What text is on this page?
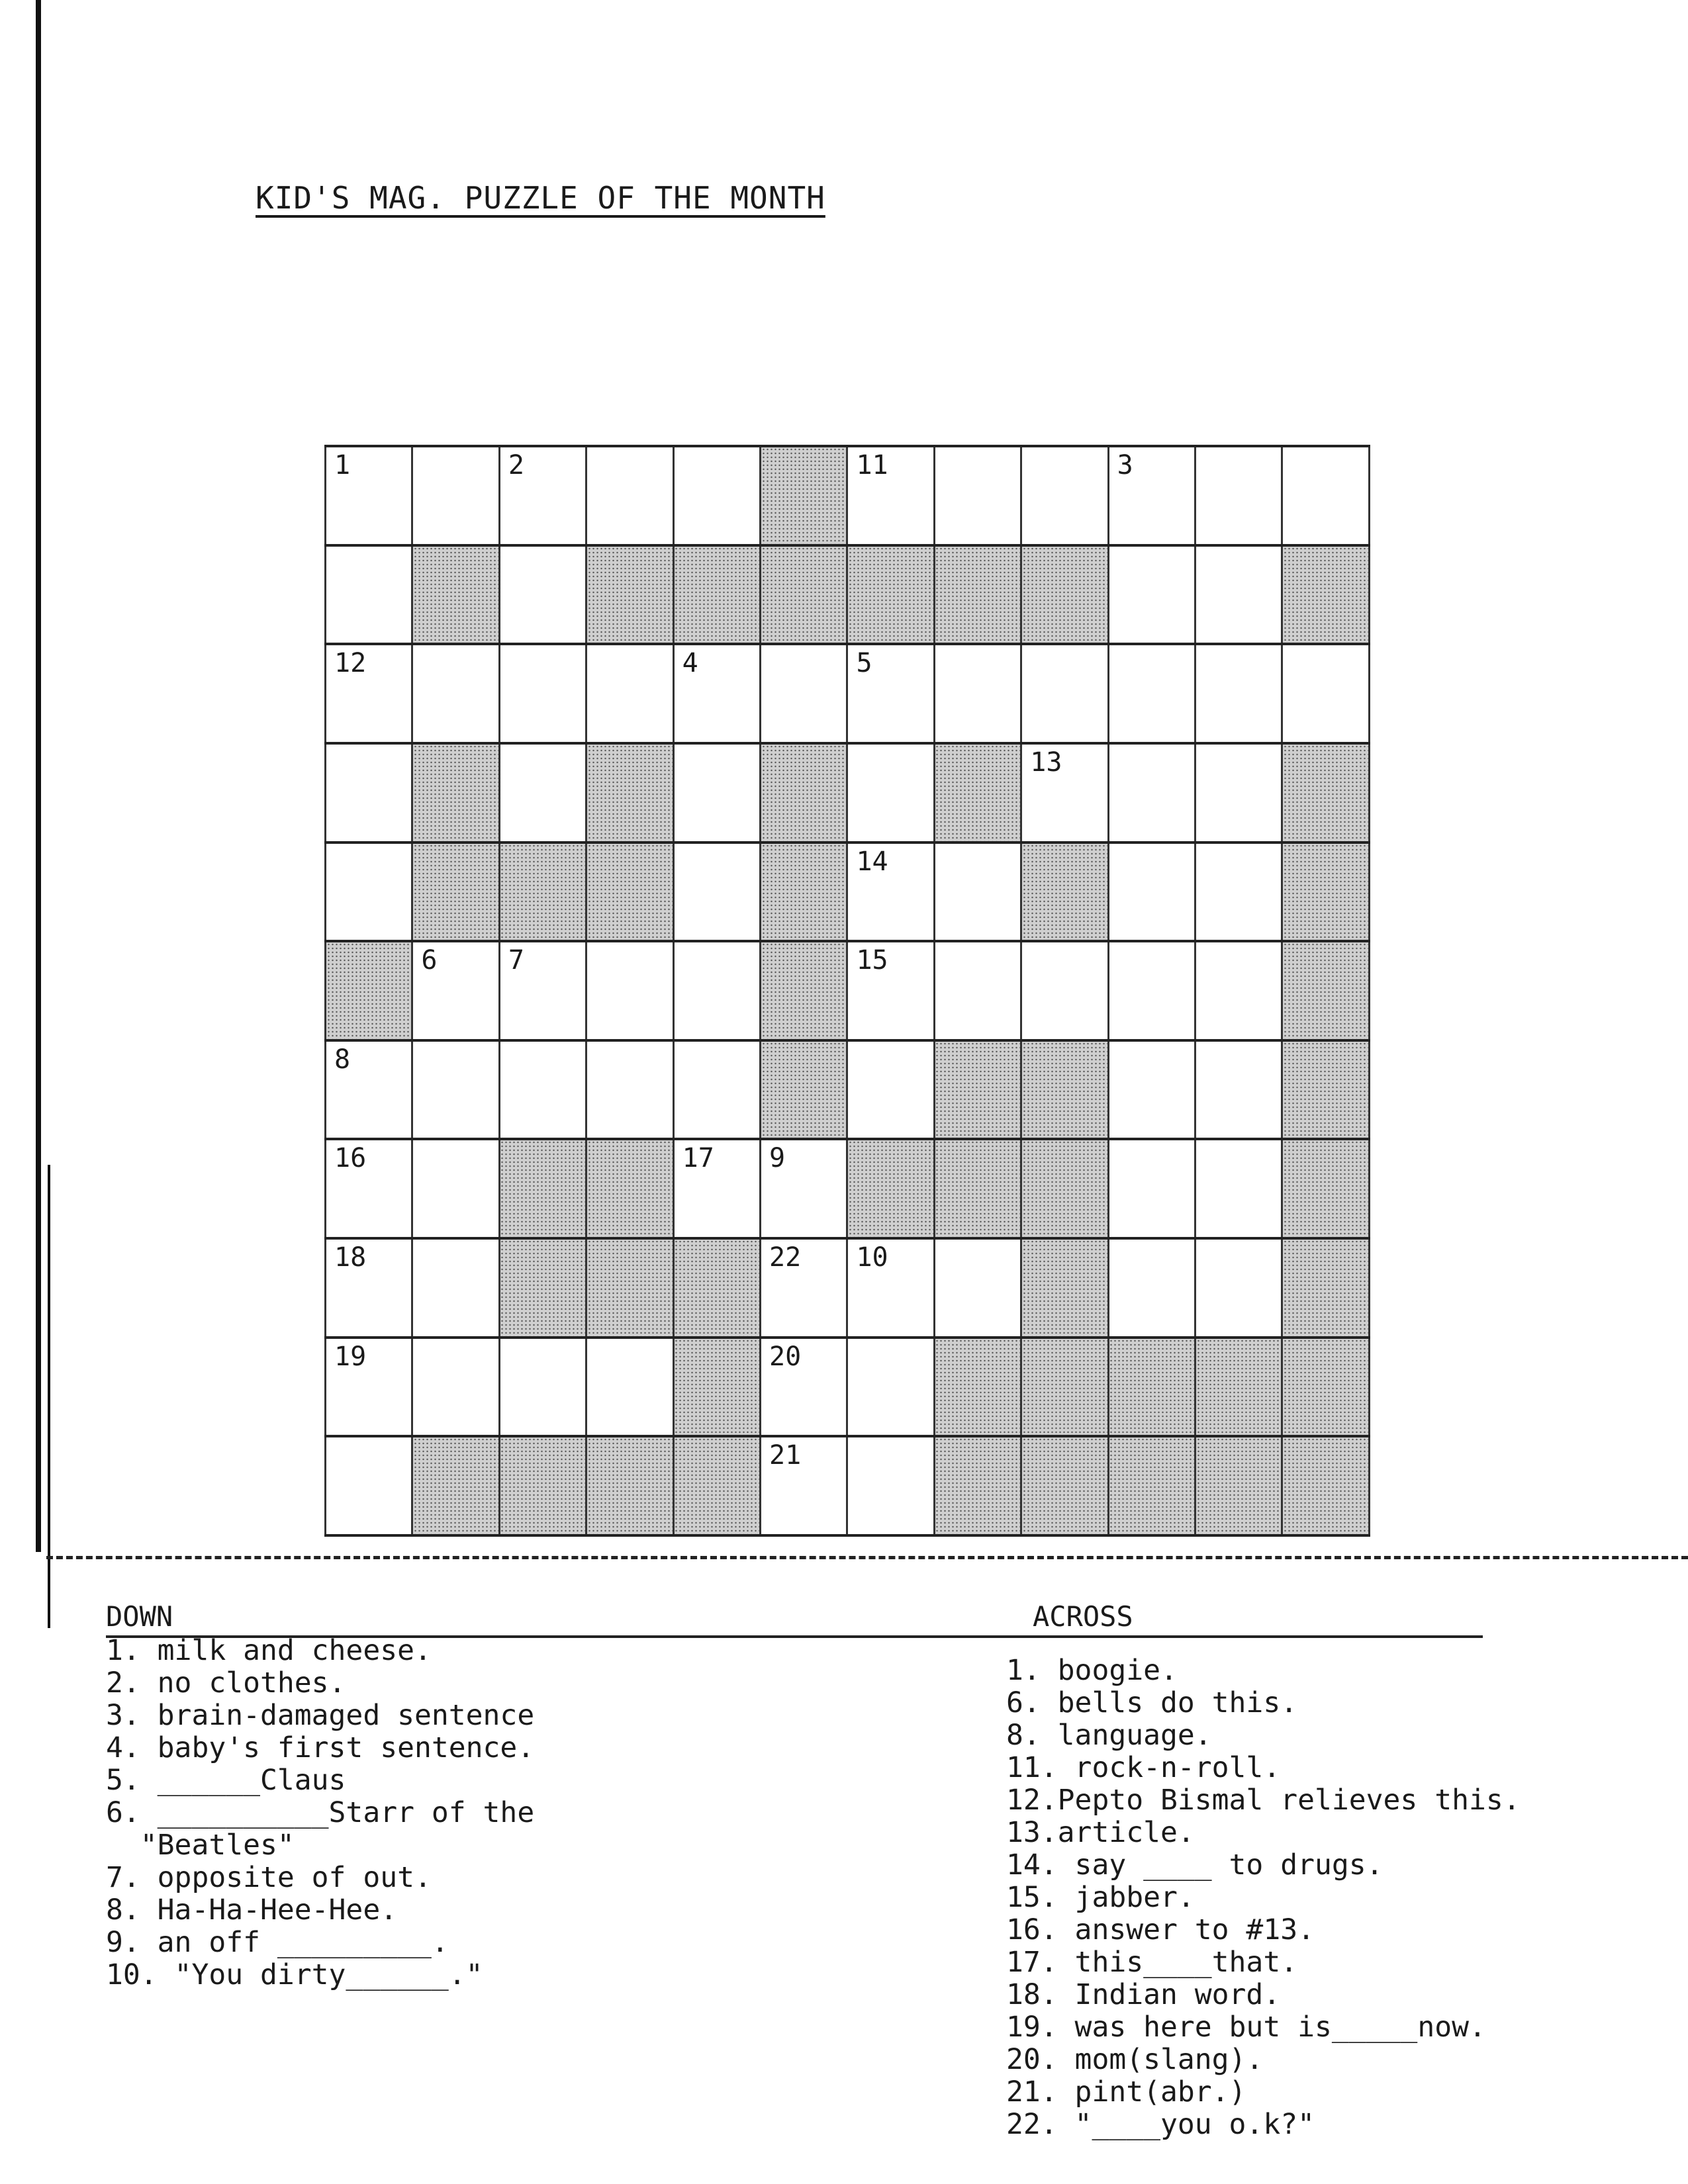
KID'S MAG. PUZZLE OF THE MONTH
1		2				11			3		

12				4		5					

								13			

						14					

	6	7				15					

8											

16				17	9						

18					22	10					

19					20						

					21						

DOWN
1. milk and cheese.
2. no clothes.
3. brain-damaged sentence
4. baby's first sentence.
5. ______Claus
6. __________Starr of the
"Beatles"
7. opposite of out.
8. Ha-Ha-Hee-Hee.
9. an off _________.
10. "You dirty______."
ACROSS
1. boogie.
6. bells do this.
8. language.
11. rock-n-roll.
12.Pepto Bismal relieves this.
13.article.
14. say ____ to drugs.
15. jabber.
16. answer to #13.
17. this____that.
18. Indian word.
19. was here but is_____now.
20. mom(slang).
21. pint(abr.)
22. "____you o.k?"
